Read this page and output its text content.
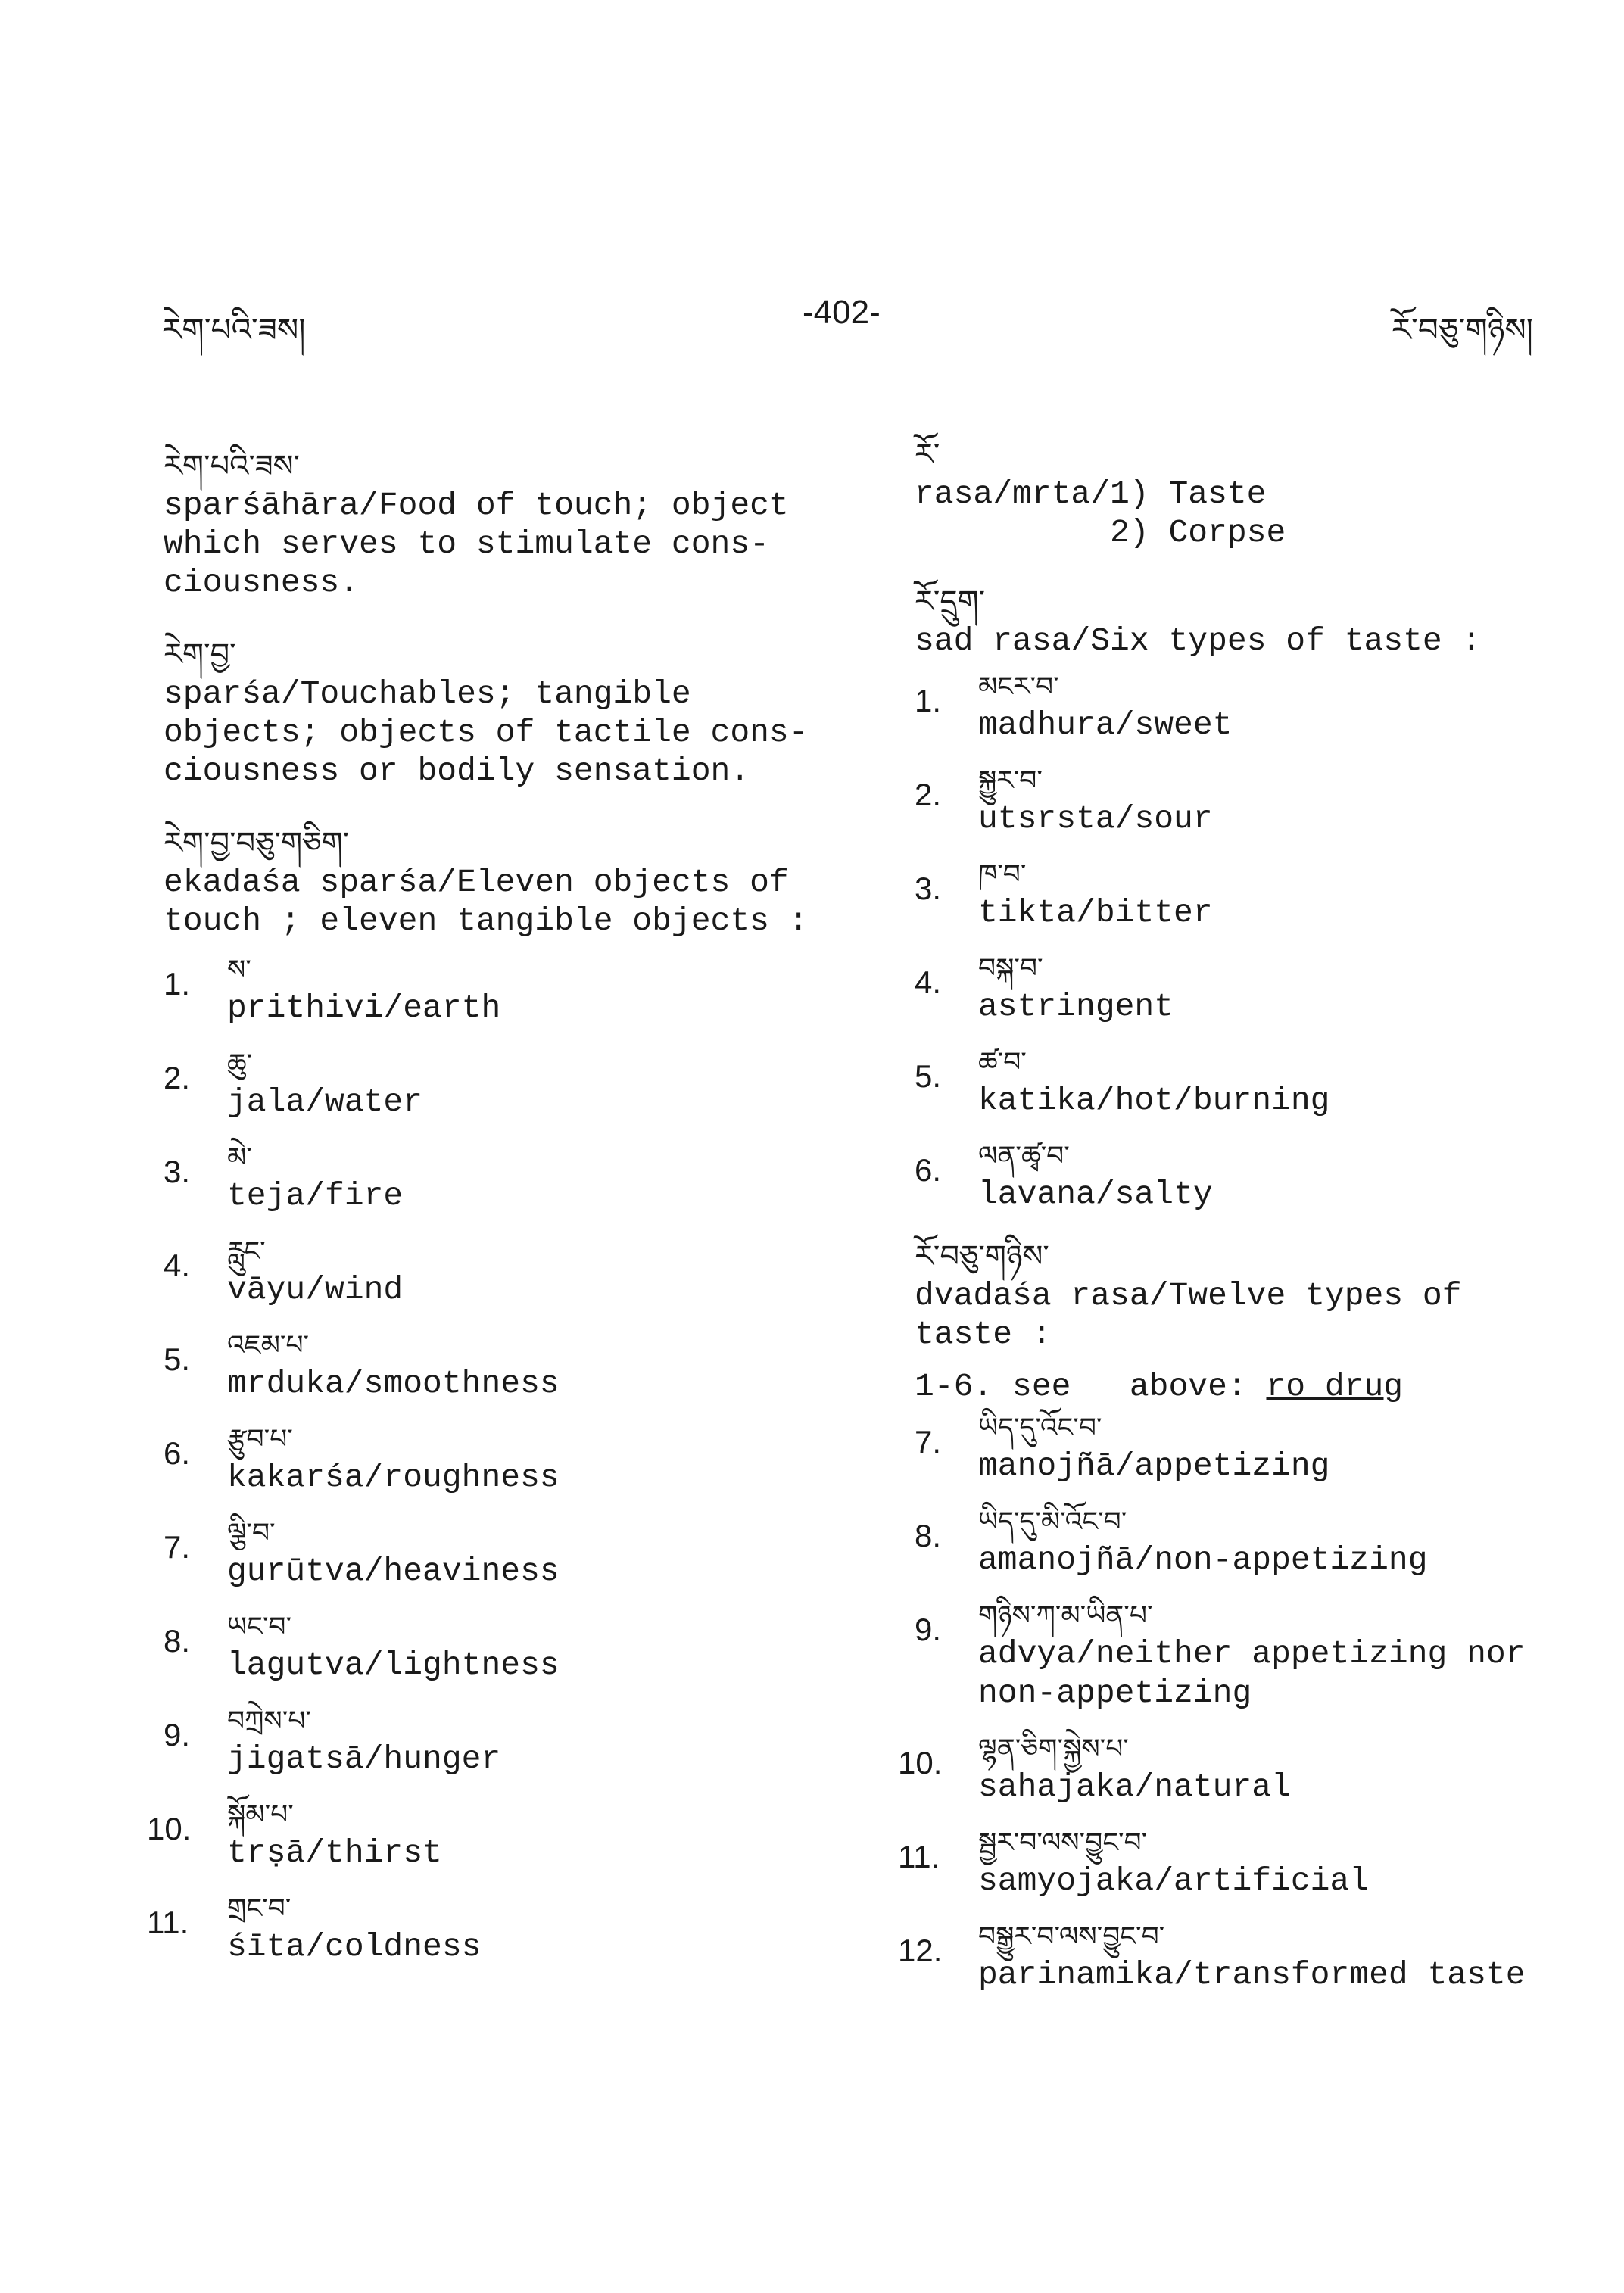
རེག་པའི་ཟས།	-402-	རོ་བཅུ་གཉིས།
རེག་པའི་ཟས་
sparśāhāra/Food of touch; object
which serves to stimulate cons-
ciousness.
རེག་བྱ་
sparśa/Touchables; tangible
objects; objects of tactile cons-
ciousness or bodily sensation.
རེག་བྱ་བཅུ་གཅིག་
ekadaśa sparśa/Eleven objects of
touch ; eleven tangible objects :
1.	ས་
prithivi/earth
2.	ཆུ་
jala/water
3.	མེ་
teja/fire
4.	རླུང་
vāyu/wind
5.	འཇམ་པ་
mrduka/smoothness
6.	རྩུབ་པ་
kakarśa/roughness
7.	ལྕི་བ་
gurūtva/heaviness
8.	ཡང་བ་
lagutva/lightness
9.	བཀྲེས་པ་
jigatsā/hunger
10.	སྐོམ་པ་
trṣā/thirst
11.	གྲང་བ་
śīta/coldness
རོ་
rasa/mrta/1) Taste
2) Corpse
རོ་དྲུག་
sad rasa/Six types of taste :
1.	མངར་བ་
madhura/sweet
2.	སྐྱུར་བ་
utsrsta/sour
3.	ཁ་བ་
tikta/bitter
4.	བསྐ་བ་
astringent
5.	ཚ་བ་
katika/hot/burning
6.	ལན་ཚྭ་བ་
lavana/salty
རོ་བཅུ་གཉིས་
dvadaśa rasa/Twelve types of
taste :
1-6. see   above: ro drug
7.	ཡིད་དུ་འོང་བ་
manojñā/appetizing
8.	ཡིད་དུ་མི་འོང་བ་
amanojñā/non-appetizing
9.	གཉིས་ཀ་མ་ཡིན་པ་
advya/neither appetizing nor
non-appetizing
10.	ལྷན་ཅིག་སྐྱེས་པ་
sahajaka/natural
11.	སྦྱར་བ་ལས་བྱུང་བ་
samyojaka/artificial
12.	བསྒྱུར་བ་ལས་བྱུང་བ་
parinamika/transformed taste
